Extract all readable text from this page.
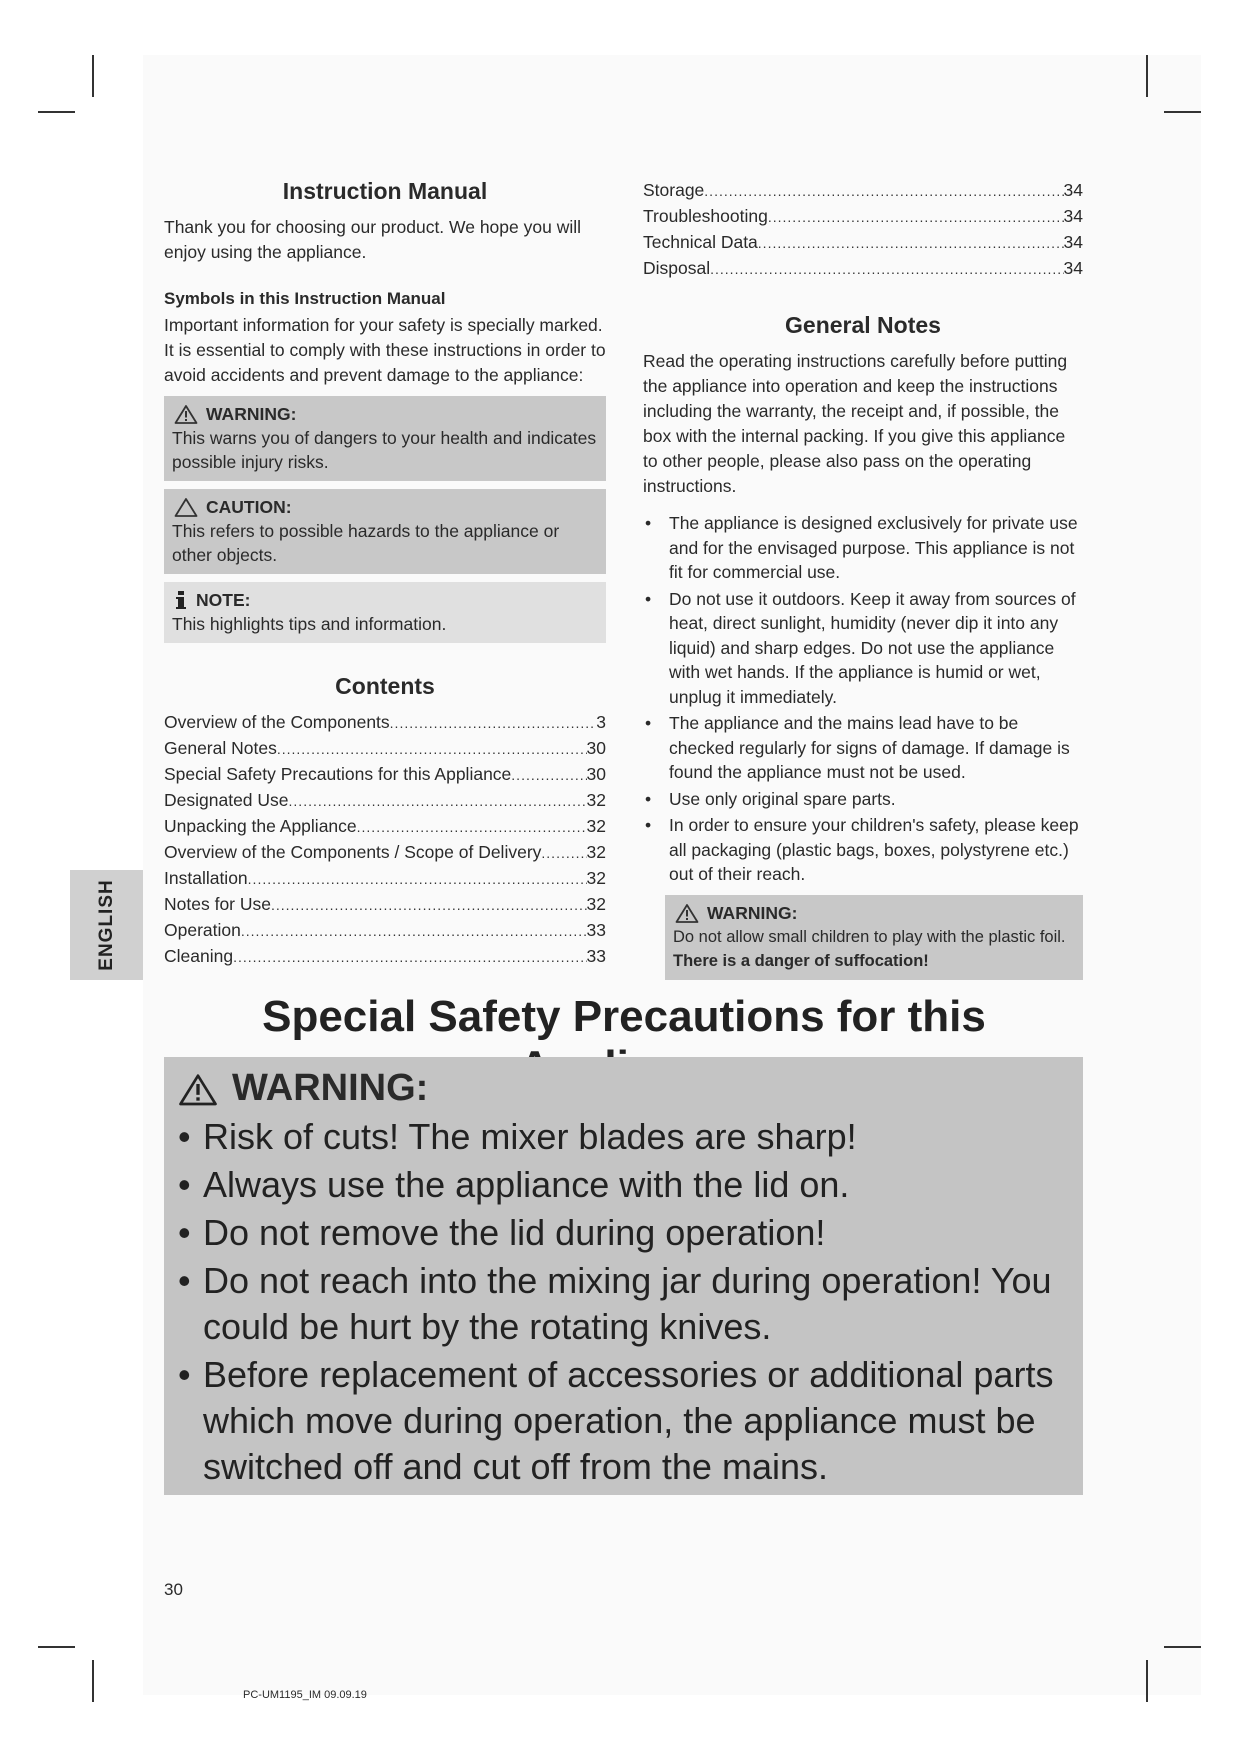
Instruction Manual

Thank you for choosing our product. We hope you will enjoy using the appliance.

Symbols in this Instruction Manual

Important information for your safety is specially marked. It is essential to comply with these instructions in order to avoid accidents and prevent damage to the appliance:

WARNING:
This warns you of dangers to your health and indicates possible injury risks.
CAUTION:
This refers to possible hazards to the appliance or other objects.
NOTE:
This highlights tips and information.
Contents
Overview of the Components .....	3
General Notes .....	30
Special Safety Precautions for this Appliance .....	30
Designated Use .....	32
Unpacking the Appliance .....	32
Overview of the Components / Scope of Delivery .....	32
Installation .....	32
Notes for Use .....	32
Operation .....	33
Cleaning .....	33
Storage .....	34
Troubleshooting .....	34
Technical Data .....	34
Disposal .....	34
General Notes

Read the operating instructions carefully before putting the appliance into operation and keep the instructions including the warranty, the receipt and, if possible, the box with the internal packing. If you give this appliance to other people, please also pass on the operating instructions.

• The appliance is designed exclusively for private use and for the envisaged purpose. This appliance is not fit for commercial use.
• Do not use it outdoors. Keep it away from sources of heat, direct sunlight, humidity (never dip it into any liquid) and sharp edges. Do not use the appliance with wet hands. If the appliance is humid or wet, unplug it immediately.
• The appliance and the mains lead have to be checked regularly for signs of damage. If damage is found the appliance must not be used.
• Use only original spare parts.
• In order to ensure your children's safety, please keep all packaging (plastic bags, boxes, polystyrene etc.) out of their reach.
WARNING:
Do not allow small children to play with the plastic foil.
There is a danger of suffocation!
ENGLISH
Special Safety Precautions for this
WARNING:
• Risk of cuts! The mixer blades are sharp!
• Always use the appliance with the lid on.
• Do not remove the lid during operation!
• Do not reach into the mixing jar during operation! You could be hurt by the rotating knives.
• Before replacement of accessories or additional parts which move during operation, the appliance must be switched off and cut off from the mains.
30
PC-UM1195_IM 09.09.19
